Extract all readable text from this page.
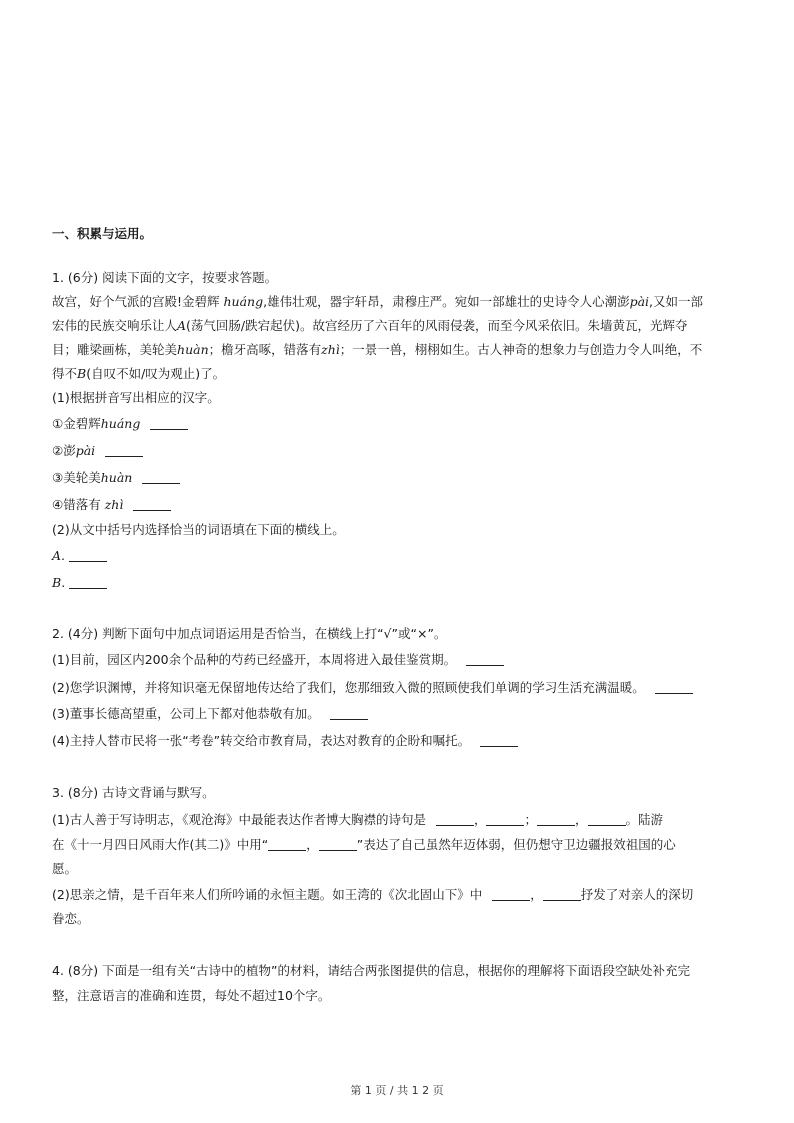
一、积累与运用。
1. (6分) 阅读下面的文字，按要求答题。
故宫，好个气派的宫殿!金碧辉 huáng,雄伟壮观，器宇轩昂，肃穆庄严。宛如一部雄壮的史诗令人心潮澎pài,又如一部
宏伟的民族交响乐让人A(荡气回肠/跌宕起伏)。故宫经历了六百年的风雨侵袭，而至今风采依旧。朱墙黄瓦，光辉夺
目；雕梁画栋，美轮美huàn；檐牙高啄，错落有zhì；一景一兽，栩栩如生。古人神奇的想象力与创造力令人叫绝，不
得不B(自叹不如/叹为观止)了。
(1)根据拼音写出相应的汉字。
①金碧辉huáng
②澎pài
③美轮美huàn
④错落有 zhì
(2)从文中括号内选择恰当的词语填在下面的横线上。
A.
B.
2. (4分) 判断下面句中加点词语运用是否恰当，在横线上打“√”或“×”。
(1)目前，园区内200余个品种的芍药已经盛开，本周将进入最佳鉴赏期。
(2)您学识渊博，并将知识毫无保留地传达给了我们，您那细致入微的照顾使我们单调的学习生活充满温暖。
(3)董事长德高望重，公司上下都对他恭敬有加。
(4)主持人替市民将一张“考卷”转交给市教育局，表达对教育的企盼和嘱托。
3. (8分) 古诗文背诵与默写。
(1)古人善于写诗明志，《观沧海》中最能表达作者博大胸襟的诗句是	，	；	，	。陆游
在《十一月四日风雨大作(其二)》中用“	，	”表达了自己虽然年迈体弱，但仍想守卫边疆报效祖国的心
愿。
(2)思亲之情，是千百年来人们所吟诵的永恒主题。如王湾的《次北固山下》中	，	抒发了对亲人的深切
眷恋。
4. (8分) 下面是一组有关“古诗中的植物”的材料，请结合两张图提供的信息，根据你的理解将下面语段空缺处补充完
整，注意语言的准确和连贯，每处不超过10个字。
第 1 页 / 共 1 2 页
